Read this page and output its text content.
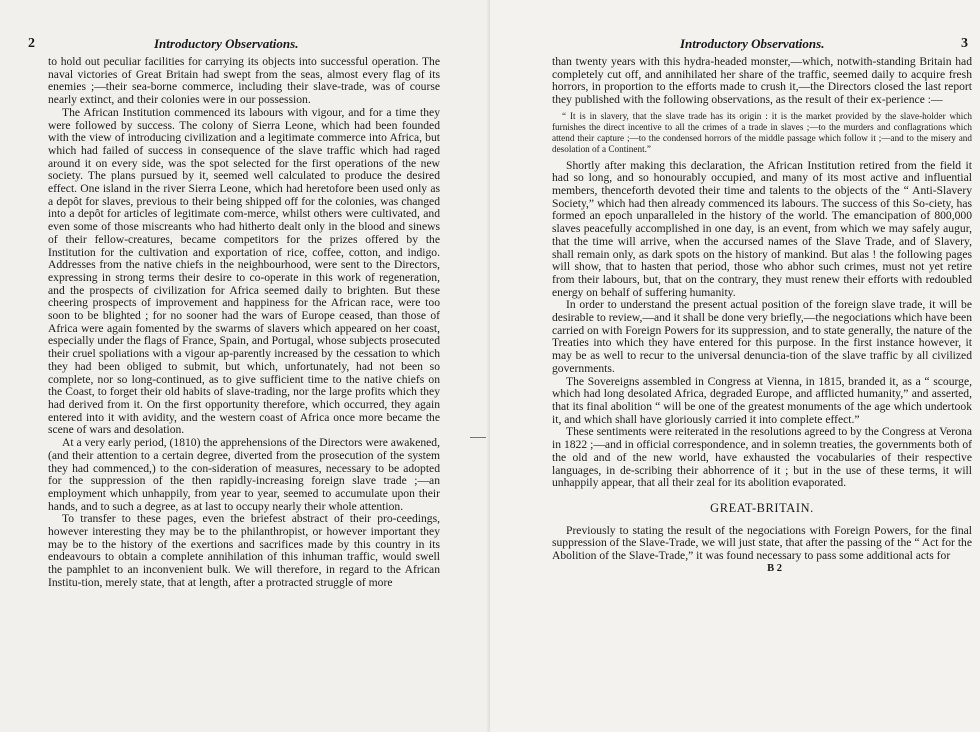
2	Introductory Observations.

to hold out peculiar facilities for carrying its objects into successful operation. The naval victories of Great Britain had swept from the seas, almost every flag of its enemies ;—their sea-borne commerce, including their slave-trade, was of course nearly extinct, and their colonies were in our possession.

The African Institution commenced its labours with vigour, and for a time they were followed by success. The colony of Sierra Leone, which had been founded with the view of introducing civilization and a legitimate commerce into Africa, but which had failed of success in consequence of the slave traffic which had raged around it on every side, was the spot selected for the first operations of the new society. The plans pursued by it, seemed well calculated to produce the desired effect. One island in the river Sierra Leone, which had heretofore been used only as a depôt for slaves, previous to their being shipped off for the colonies, was changed into a depôt for articles of legitimate com-merce, whilst others were cultivated, and even some of those miscreants who had hitherto dealt only in the blood and sinews of their fellow-creatures, became competitors for the prizes offered by the Institution for the cultivation and exportation of rice, coffee, cotton, and indigo. Addresses from the native chiefs in the neighbourhood, were sent to the Directors, expressing in strong terms their desire to co-operate in this work of regeneration, and the prospects of civilization for Africa seemed daily to brighten. But these cheering prospects of improvement and happiness for the African race, were too soon to be blighted ; for no sooner had the wars of Europe ceased, than those of Africa were again fomented by the swarms of slavers which appeared on her coast, especially under the flags of France, Spain, and Portugal, whose subjects prosecuted their cruel spoliations with a vigour ap-parently increased by the cessation to which they had been obliged to submit, but which, unfortunately, had not been so complete, nor so long-continued, as to give sufficient time to the native chiefs on the Coast, to forget their old habits of slave-trading, nor the large profits which they had derived from it. On the first opportunity therefore, which occurred, they again entered into it with avidity, and the western coast of Africa once more became the scene of wars and desolation.

At a very early period, (1810) the apprehensions of the Directors were awakened, (and their attention to a certain degree, diverted from the prosecution of the system they had commenced,) to the con-sideration of measures, necessary to be adopted for the suppression of the then rapidly-increasing foreign slave trade ;—an employment which unhappily, from year to year, seemed to accumulate upon their hands, and to such a degree, as at last to occupy nearly their whole attention.

To transfer to these pages, even the briefest abstract of their pro-ceedings, however interesting they may be to the philanthropist, or however important they may be to the history of the exertions and sacrifices made by this country in its endeavours to obtain a complete annihilation of this inhuman traffic, would swell the pamphlet to an inconvenient bulk. We will therefore, in regard to the African Institu-tion, merely state, that at length, after a protracted struggle of more

Introductory Observations.	3

than twenty years with this hydra-headed monster,—which, notwith-standing Britain had completely cut off, and annihilated her share of the traffic, seemed daily to acquire fresh horrors, in proportion to the efforts made to crush it,—the Directors closed the last report they published with the following observations, as the result of their ex-perience :—

“ It is in slavery, that the slave trade has its origin : it is the market provided by the slave-holder which furnishes the direct incentive to all the crimes of a trade in slaves ;—to the murders and conflagrations which attend their capture ;—to the condensed horrors of the middle passage which follow it ;—and to the misery and desolation of a Continent.”

Shortly after making this declaration, the African Institution retired from the field it had so long, and so honourably occupied, and many of its most active and influential members, thenceforth devoted their time and talents to the objects of the “ Anti-Slavery Society,” which had then already commenced its labours. The success of this So-ciety, has formed an epoch unparalleled in the history of the world. The emancipation of 800,000 slaves peacefully accomplished in one day, is an event, from which we may safely augur, that the time will arrive, when the accursed names of the Slave Trade, and of Slavery, shall remain only, as dark spots on the history of mankind. But alas ! the following pages will show, that to hasten that period, those who abhor such crimes, must not yet retire from their labours, but, that on the contrary, they must renew their efforts with redoubled energy on behalf of suffering humanity.

In order to understand the present actual position of the foreign slave trade, it will be desirable to review,—and it shall be done very briefly,—the negociations which have been carried on with Foreign Powers for its suppression, and to state generally, the nature of the Treaties into which they have entered for this purpose. In the first instance however, it may be as well to recur to the universal denuncia-tion of the slave traffic by all civilized governments.

The Sovereigns assembled in Congress at Vienna, in 1815, branded it, as a “ scourge, which had long desolated Africa, degraded Europe, and afflicted humanity,” and asserted, that its final abolition “ will be one of the greatest monuments of the age which undertook it, and which shall have gloriously carried it into complete effect.”

These sentiments were reiterated in the resolutions agreed to by the Congress at Verona in 1822 ;—and in official correspondence, and in solemn treaties, the governments both of the old and of the new world, have exhausted the vocabularies of their respective languages, in de-scribing their abhorrence of it ; but in the use of these terms, it will unhappily appear, that all their zeal for its abolition evaporated.

GREAT-BRITAIN.

Previously to stating the result of the negociations with Foreign Powers, for the final suppression of the Slave-Trade, we will just state, that after the passing of the “ Act for the Abolition of the Slave-Trade,” it was found necessary to pass some additional acts for

B 2
